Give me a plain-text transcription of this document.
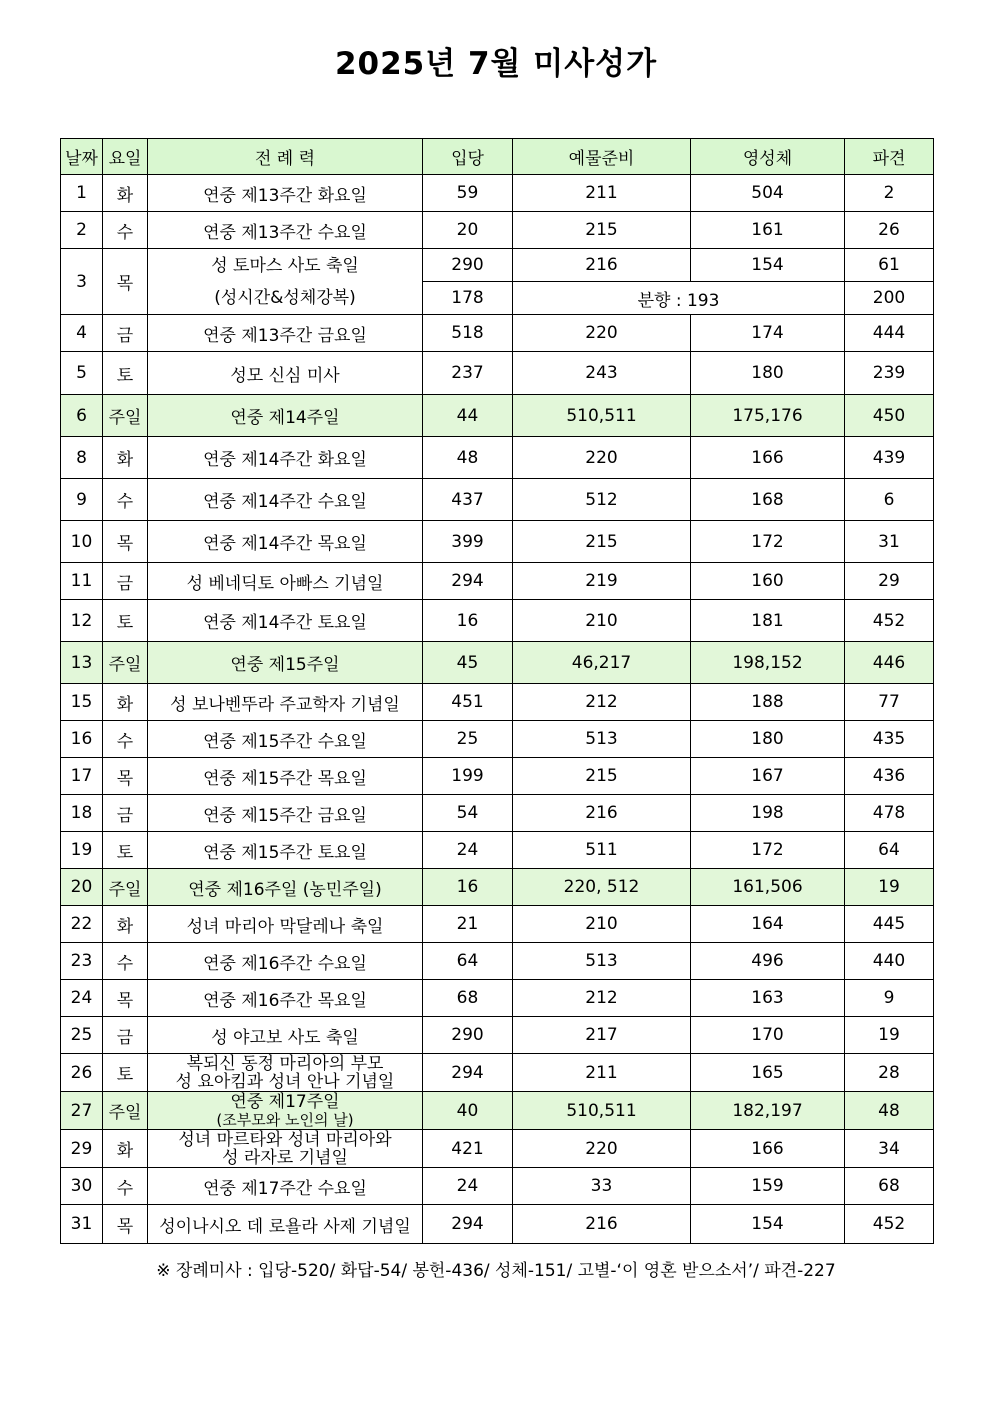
2025년 7월 미사성가
날짜	요일	전 례 력	입당	예물준비	영성체	파견
1	화	연중 제13주간 화요일	59	211	504	2
2	수	연중 제13주간 수요일	20	215	161	26
3	목	성 토마스 사도 축일
(성시간&성체강복)	290	216	154	61
			178	분향 : 193		200
4	금	연중 제13주간 금요일	518	220	174	444
5	토	성모 신심 미사	237	243	180	239
6	주일	연중 제14주일	44	510,511	175,176	450
8	화	연중 제14주간 화요일	48	220	166	439
9	수	연중 제14주간 수요일	437	512	168	6
10	목	연중 제14주간 목요일	399	215	172	31
11	금	성 베네딕토 아빠스 기념일	294	219	160	29
12	토	연중 제14주간 토요일	16	210	181	452
13	주일	연중 제15주일	45	46,217	198,152	446
15	화	성 보나벤뚜라 주교학자 기념일	451	212	188	77
16	수	연중 제15주간 수요일	25	513	180	435
17	목	연중 제15주간 목요일	199	215	167	436
18	금	연중 제15주간 금요일	54	216	198	478
19	토	연중 제15주간 토요일	24	511	172	64
20	주일	연중 제16주일 (농민주일)	16	220, 512	161,506	19
22	화	성녀 마리아 막달레나 축일	21	210	164	445
23	수	연중 제16주간 수요일	64	513	496	440
24	목	연중 제16주간 목요일	68	212	163	9
25	금	성 야고보 사도 축일	290	217	170	19
26	토	복되신 동정 마리아의 부모
성 요아킴과 성녀 안나 기념일	294	211	165	28
27	주일	연중 제17주일
(조부모와 노인의 날)	40	510,511	182,197	48
29	화	성녀 마르타와 성녀 마리아와
성 라자로 기념일	421	220	166	34
30	수	연중 제17주간 수요일	24	33	159	68
31	목	성이나시오 데 로욜라 사제 기념일	294	216	154	452
※ 장례미사 : 입당-520/ 화답-54/ 봉헌-436/ 성체-151/ 고별-‘이 영혼 받으소서’/ 파견-227
